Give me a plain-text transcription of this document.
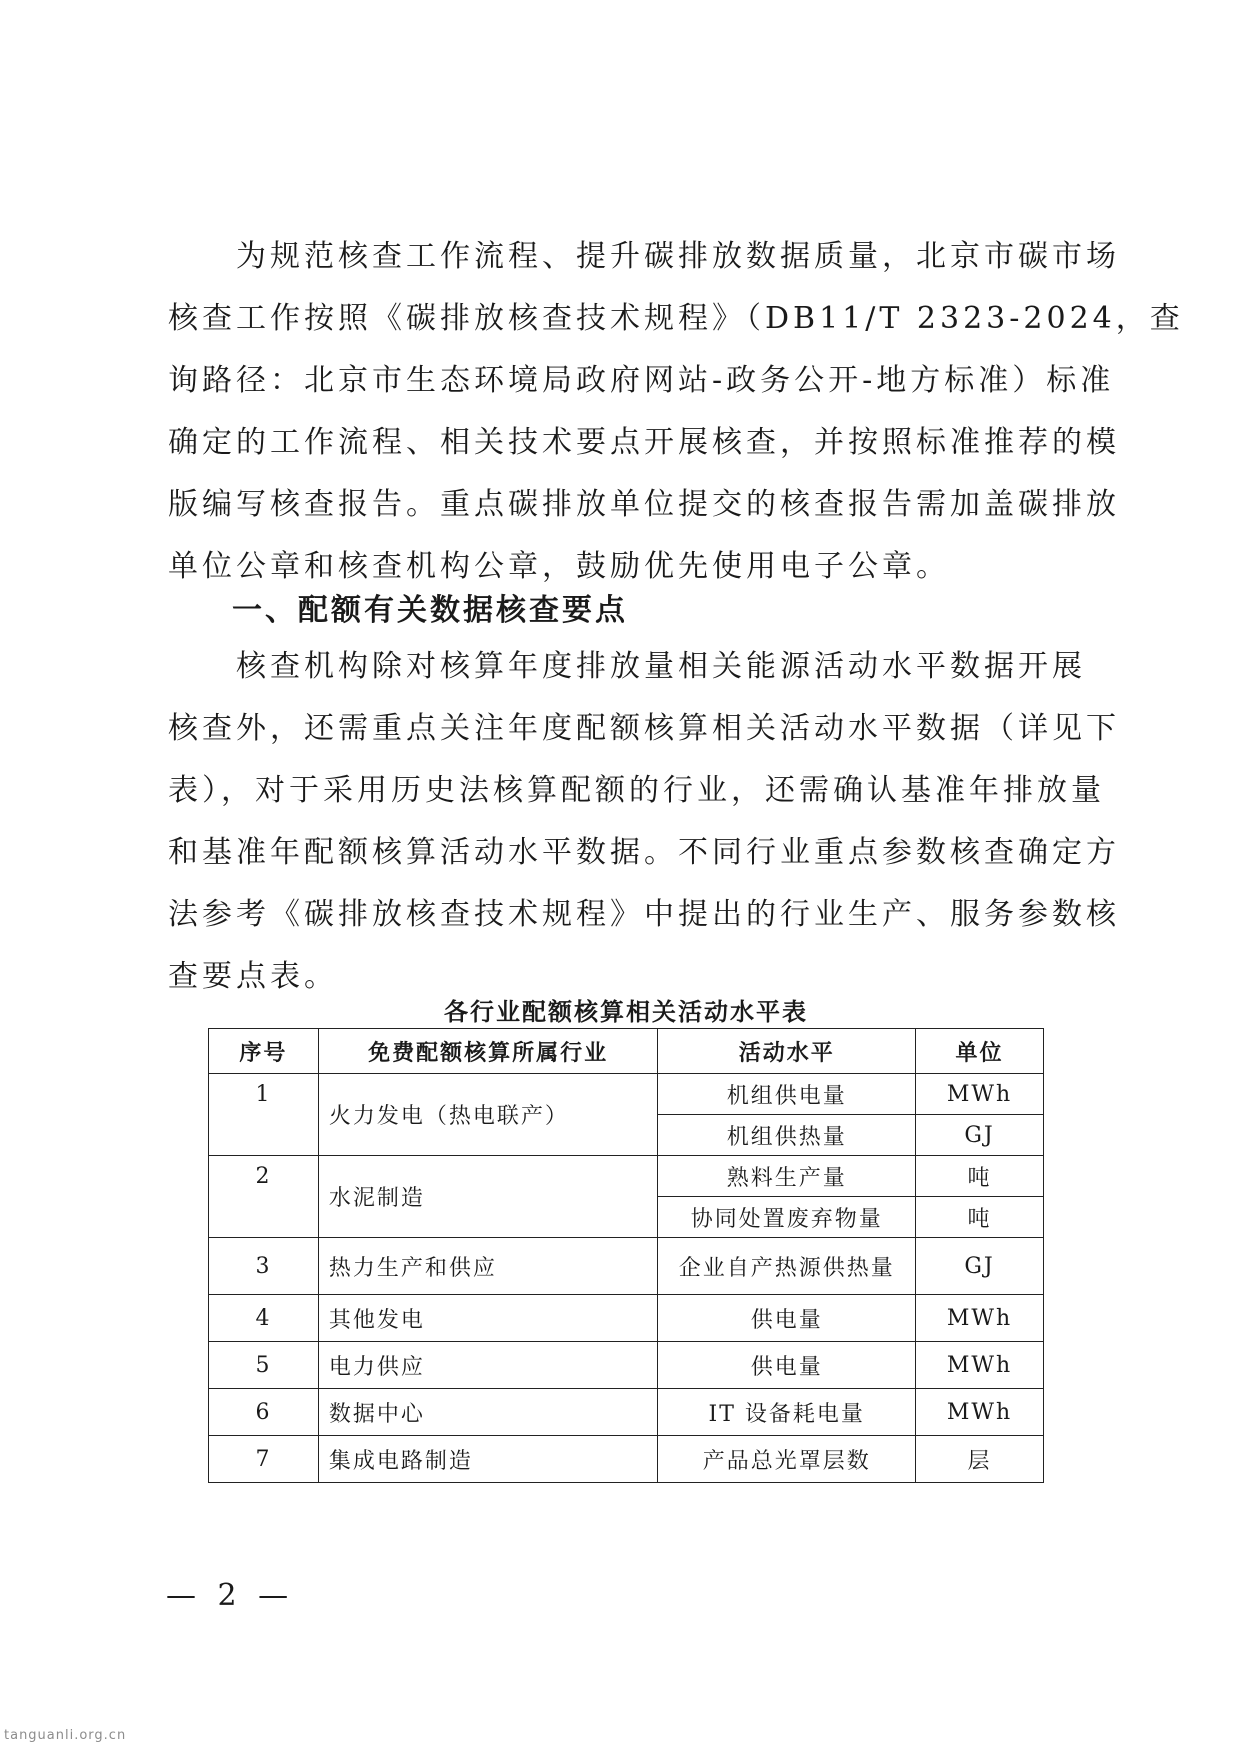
　　为规范核查工作流程、提升碳排放数据质量，北京市碳市场
核查工作按照《碳排放核查技术规程》（DB11/T 2323-2024，查
询路径：北京市生态环境局政府网站-政务公开-地方标准）标准
确定的工作流程、相关技术要点开展核查，并按照标准推荐的模
版编写核查报告。重点碳排放单位提交的核查报告需加盖碳排放
单位公章和核查机构公章，鼓励优先使用电子公章。
一、配额有关数据核查要点
　　核查机构除对核算年度排放量相关能源活动水平数据开展
核查外，还需重点关注年度配额核算相关活动水平数据（详见下
表），对于采用历史法核算配额的行业，还需确认基准年排放量
和基准年配额核算活动水平数据。不同行业重点参数核查确定方
法参考《碳排放核查技术规程》中提出的行业生产、服务参数核
查要点表。

各行业配额核算相关活动水平表

序号	免费配额核算所属行业	活动水平	单位
1	火力发电（热电联产）	机组供电量	MWh
		机组供热量	GJ
2	水泥制造	熟料生产量	吨
		协同处置废弃物量	吨
3	热力生产和供应	企业自产热源供热量	GJ
4	其他发电	供电量	MWh
5	电力供应	供电量	MWh
6	数据中心	IT 设备耗电量	MWh
7	集成电路制造	产品总光罩层数	层

— 2 —

tanguanli.org.cn
